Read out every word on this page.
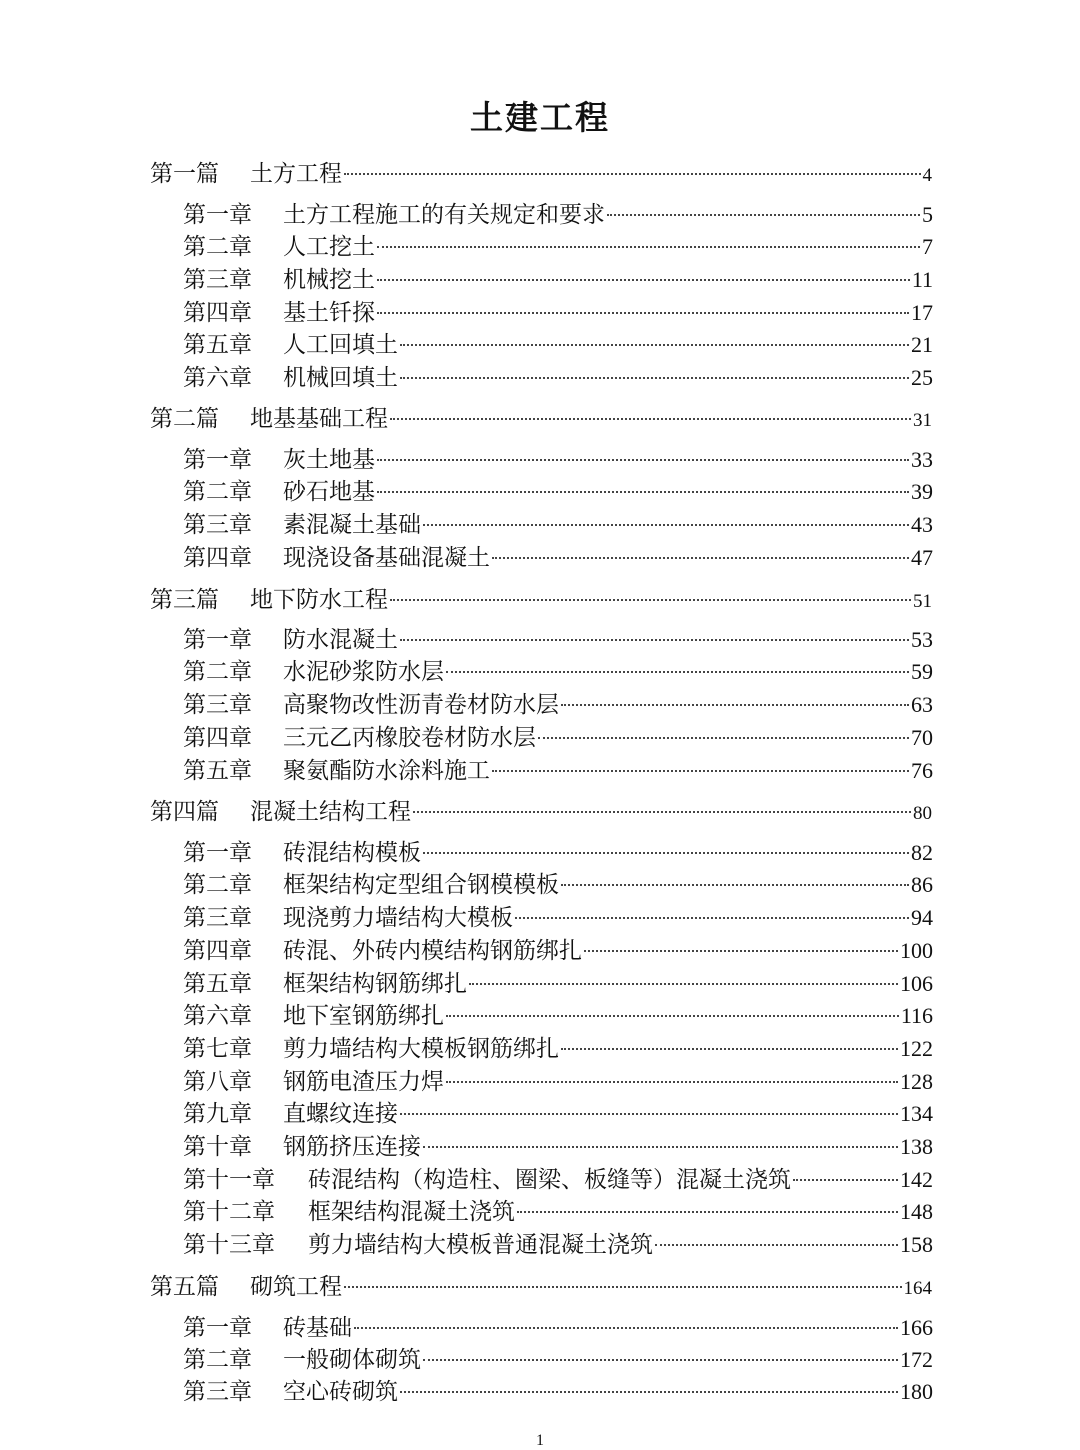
土建工程
第一篇	土方工程	4
第一章	土方工程施工的有关规定和要求	5
第二章	人工挖土	7
第三章	机械挖土	11
第四章	基土钎探	17
第五章	人工回填土	21
第六章	机械回填土	25
第二篇	地基基础工程	31
第一章	灰土地基	33
第二章	砂石地基	39
第三章	素混凝土基础	43
第四章	现浇设备基础混凝土	47
第三篇	地下防水工程	51
第一章	防水混凝土	53
第二章	水泥砂浆防水层	59
第三章	高聚物改性沥青卷材防水层	63
第四章	三元乙丙橡胶卷材防水层	70
第五章	聚氨酯防水涂料施工	76
第四篇	混凝土结构工程	80
第一章	砖混结构模板	82
第二章	框架结构定型组合钢模模板	86
第三章	现浇剪力墙结构大模板	94
第四章	砖混、外砖内模结构钢筋绑扎	100
第五章	框架结构钢筋绑扎	106
第六章	地下室钢筋绑扎	116
第七章	剪力墙结构大模板钢筋绑扎	122
第八章	钢筋电渣压力焊	128
第九章	直螺纹连接	134
第十章	钢筋挤压连接	138
第十一章	砖混结构（构造柱、圈梁、板缝等）混凝土浇筑	142
第十二章	框架结构混凝土浇筑	148
第十三章	剪力墙结构大模板普通混凝土浇筑	158
第五篇	砌筑工程	164
第一章	砖基础	166
第二章	一般砌体砌筑	172
第三章	空心砖砌筑	180
1
